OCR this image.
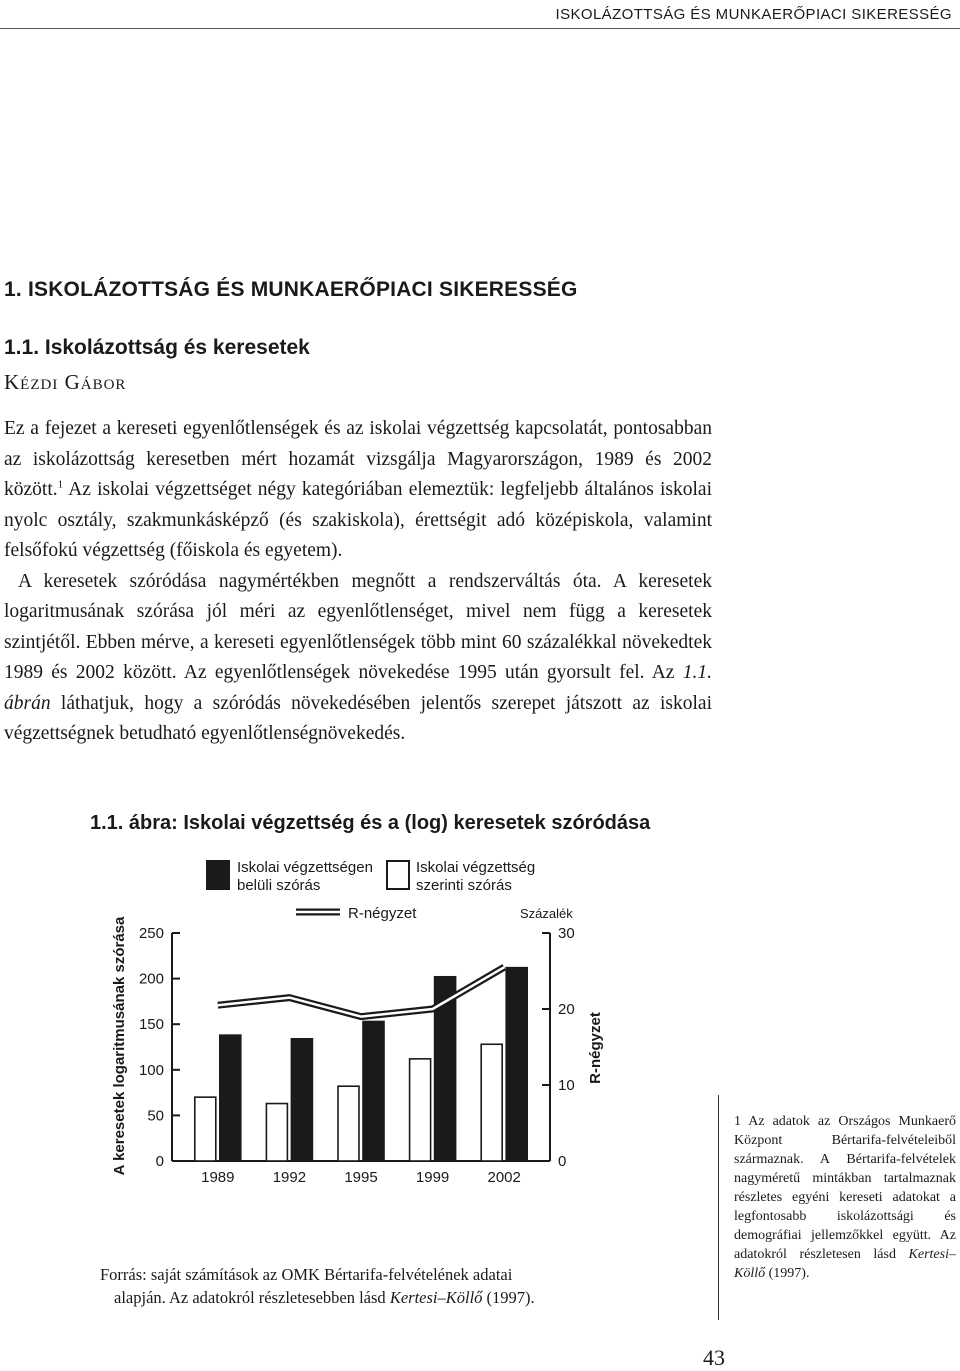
ISKOLÁZOTTSÁG ÉS MUNKAERŐPIACI SIKERESSÉG
1. ISKOLÁZOTTSÁG ÉS MUNKAERŐPIACI SIKERESSÉG
1.1. Iskolázottság és keresetek
Kézdi Gábor

Ez a fejezet a kereseti egyenlőtlenségek és az iskolai végzettség kapcsolatát, pontosabban az iskolázottság keresetben mért hozamát vizsgálja Magyarországon, 1989 és 2002 között.$^1$ Az iskolai végzettséget négy kategóriában elemeztük: legfeljebb általános iskolai nyolc osztály, szakmunkásképző (és szakiskola), érettségit adó középiskola, valamint felsőfokú végzettség (főiskola és egyetem).

A keresetek szóródása nagymértékben megnőtt a rendszerváltás óta. A keresetek logaritmusának szórása jól méri az egyenlőtlenséget, mivel nem függ a keresetek szintjétől. Ebben mérve, a kereseti egyenlőtlenségek több mint 60 százalékkal növekedtek 1989 és 2002 között. Az egyenlőtlenségek növekedése 1995 után gyorsult fel. Az 1.1. ábrán láthatjuk, hogy a szóródás növekedésében jelentős szerepet játszott az iskolai végzettségnek betudható egyenlőtlenségnövekedés.

1.1. ábra: Iskolai végzettség és a (log) keresetek szóródása
Iskolai végzettségen
belüli szórás
Iskolai végzettség
szerinti szórás
R-négyzet	Százalék
0
50
100
150
200
250
0
10
20
30
1989	1992	1995	1999	2002
A keresetek logaritmusának szórása	R-négyzet
Forrás: saját számítások az OMK Bértarifa-felvételének adatai
alapján. Az adatokról részletesebben lásd Kertesi–Köllő (1997).
1 Az adatok az Országos Munkaerő Központ Bértarifa-felvételeiből származnak. A Bértarifa-felvételek nagyméretű mintákban tartalmaznak részletes egyéni kereseti adatokat a legfontosabb iskolázottsági és demográfiai jellemzőkkel együtt. Az adatokról részletesen lásd Kertesi–Köllő (1997).
43
